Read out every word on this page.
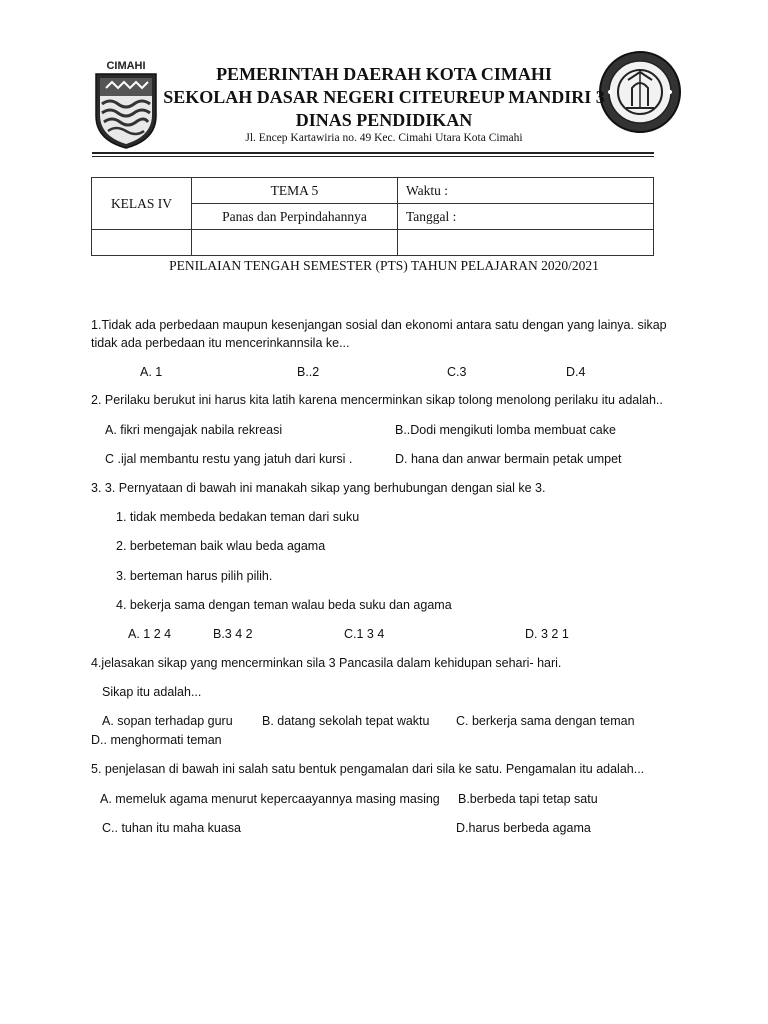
CIMAHI	PEMERINTAH DAERAH KOTA CIMAHI
SEKOLAH DASAR NEGERI CITEUREUP MANDIRI 3
DINAS PENDIDIKAN
Jl. Encep Kartawiria no. 49 Kec. Cimahi Utara Kota Cimahi
KELAS IV	TEMA 5	Waktu :
	Panas dan Perpindahannya	Tanggal :

PENILAIAN TENGAH SEMESTER (PTS) TAHUN PELAJARAN 2020/2021
1.Tidak ada perbedaan maupun kesenjangan sosial dan ekonomi antara satu dengan yang lainya. sikap
tidak ada perbedaan itu mencerinkannsila ke...
A. 1	B..2	C.3	D.4
2. Perilaku berukut ini harus kita latih karena mencerminkan sikap tolong menolong perilaku itu adalah..
A. fikri mengajak nabila rekreasi	B..Dodi mengikuti lomba membuat cake
C .ijal membantu restu yang jatuh dari kursi .	D. hana dan anwar bermain petak umpet
3. 3. Pernyataan di bawah ini manakah sikap yang berhubungan dengan sial ke 3.
1. tidak membeda bedakan teman dari suku
2. berbeteman baik wlau beda agama
3. berteman harus pilih pilih.
4. bekerja sama dengan teman walau beda suku dan agama
A. 1 2 4	B.3 4 2	C.1 3 4	D. 3 2 1
4.jelasakan sikap yang mencerminkan sila 3 Pancasila dalam kehidupan sehari- hari.
Sikap itu adalah...
A. sopan terhadap guru B. datang sekolah tepat waktu C. berkerja sama dengan teman
D.. menghormati teman
5. penjelasan di bawah ini salah satu bentuk pengamalan dari sila ke satu. Pengamalan itu adalah...
A. memeluk agama menurut kepercaayannya masing masing B.berbeda tapi tetap satu
C.. tuhan itu maha kuasa	D.harus berbeda agama
